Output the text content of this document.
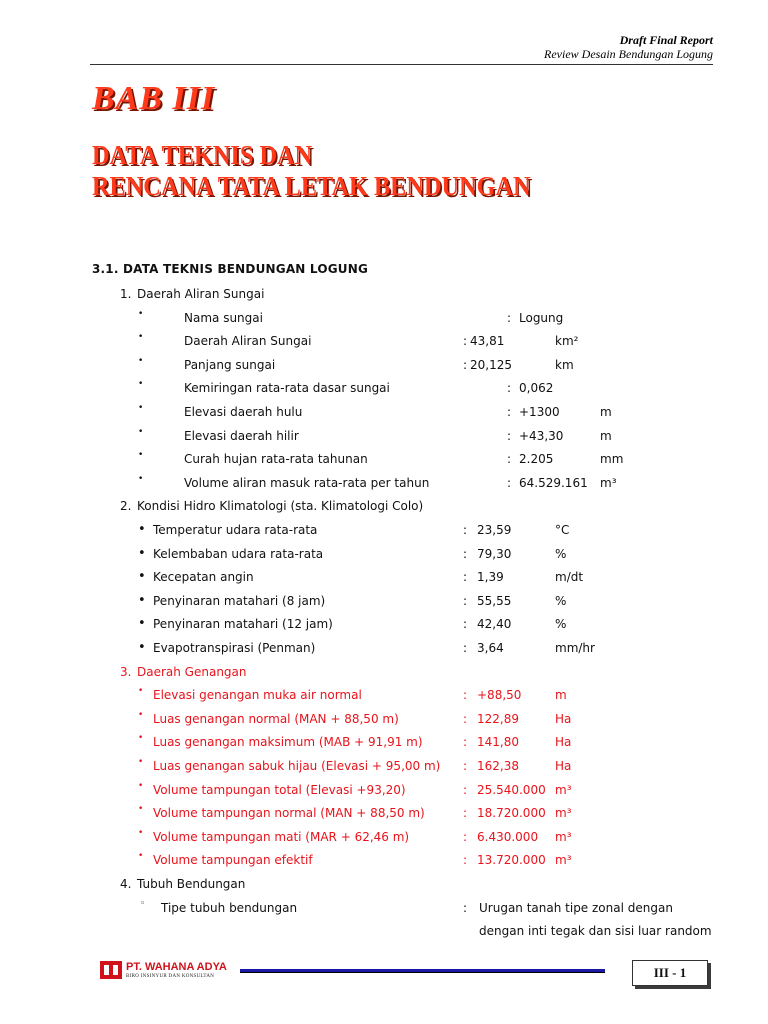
Draft Final Report
Review Desain Bendungan Logung
BAB III
DATA TEKNIS DAN
RENCANA TATA LETAK BENDUNGAN
3.1. DATA TEKNIS BENDUNGAN LOGUNG
1. Daerah Aliran Sungai
•	Nama sungai	: Logung
•	Daerah Aliran Sungai	: 43,81	km²
•	Panjang sungai	: 20,125	km
•	Kemiringan rata-rata dasar sungai	: 0,062
•	Elevasi daerah hulu	: +1300	m
•	Elevasi daerah hilir	: +43,30	m
•	Curah hujan rata-rata tahunan	: 2.205	mm
•	Volume aliran masuk rata-rata per tahun	: 64.529.161 m³
2. Kondisi Hidro Klimatologi (sta. Klimatologi Colo)
• Temperatur udara rata-rata	: 23,59	°C
• Kelembaban udara rata-rata	: 79,30	%
• Kecepatan angin	: 1,39	m/dt
• Penyinaran matahari (8 jam)	: 55,55	%
• Penyinaran matahari (12 jam)	: 42,40	%
• Evapotranspirasi (Penman)	: 3,64	mm/hr
3. Daerah Genangan
• Elevasi genangan muka air normal	: +88,50	m
• Luas genangan normal (MAN + 88,50 m)	: 122,89	Ha
• Luas genangan maksimum (MAB + 91,91 m)	: 141,80	Ha
• Luas genangan sabuk hijau (Elevasi + 95,00 m) : 162,38	Ha
• Volume tampungan total (Elevasi +93,20)	: 25.540.000 m³
• Volume tampungan normal (MAN + 88,50 m)	: 18.720.000 m³
• Volume tampungan mati (MAR + 62,46 m)	: 6.430.000 m³
• Volume tampungan efektif	: 13.720.000 m³
4. Tubuh Bendungan
◦ Tipe tubuh bendungan	: Urugan tanah tipe zonal dengan
dengan inti tegak dan sisi luar random
PT. WAHANA ADYA
BIRO INSINYUR DAN KONSULTAN	III - 1
